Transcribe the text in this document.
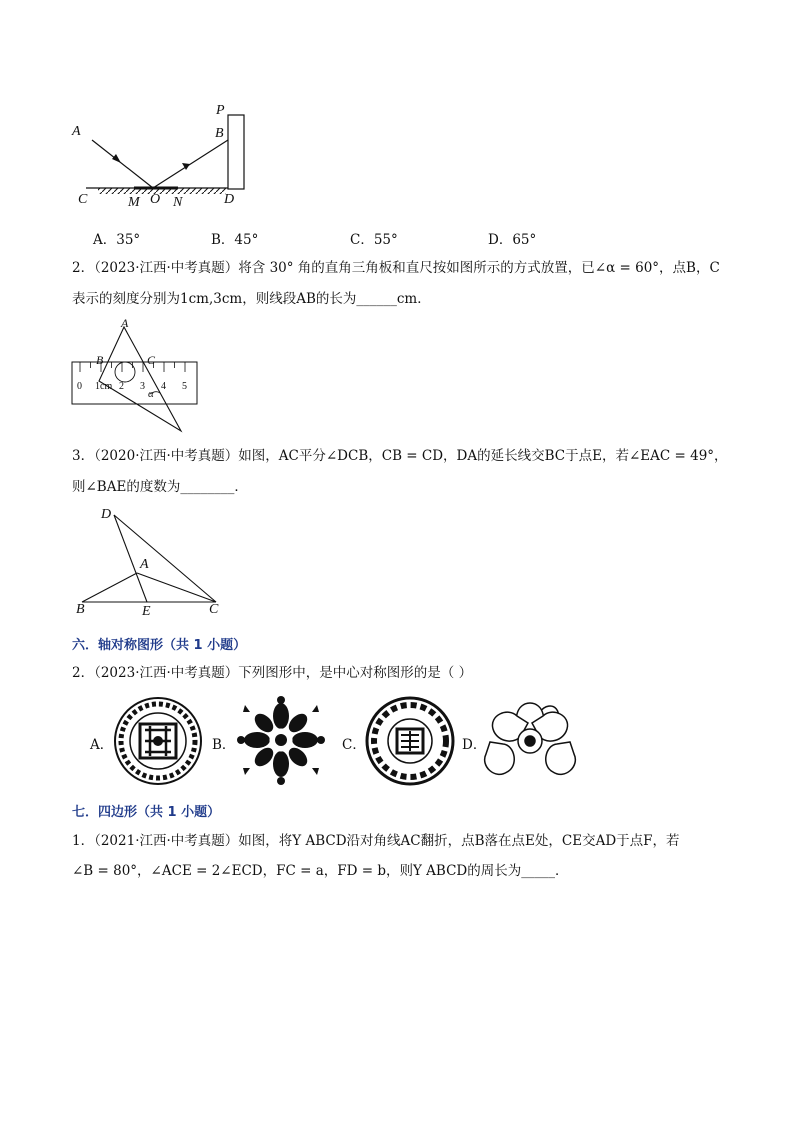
A
P
B
C	M O N	D
A．35°	B．45°	C．55°	D．65°
2．（2023·江西·中考真题）将含 30° 角的直角三角板和直尺按如图所示的方式放置，已∠α = 60°，点B，C
表示的刻度分别为1cm,3cm，则线段AB的长为______cm．
A
B	C
α
0 1cm 2 3 4 5
3．（2020·江西·中考真题）如图，AC平分∠DCB，CB = CD，DA的延长线交BC于点E，若∠EAC = 49°，
则∠BAE的度数为________．
D
A
B	E	C
六．轴对称图形（共 1 小题）
2．（2023·江西·中考真题）下列图形中，是中心对称图形的是（ ）
A．	B．	C．	D．
七．四边形（共 1 小题）
1．（2021·江西·中考真题）如图，将Y ABCD沿对角线AC翻折，点B落在点E处，CE交AD于点F，若
∠B = 80°，∠ACE = 2∠ECD，FC = a，FD = b，则Y ABCD的周长为_____．
